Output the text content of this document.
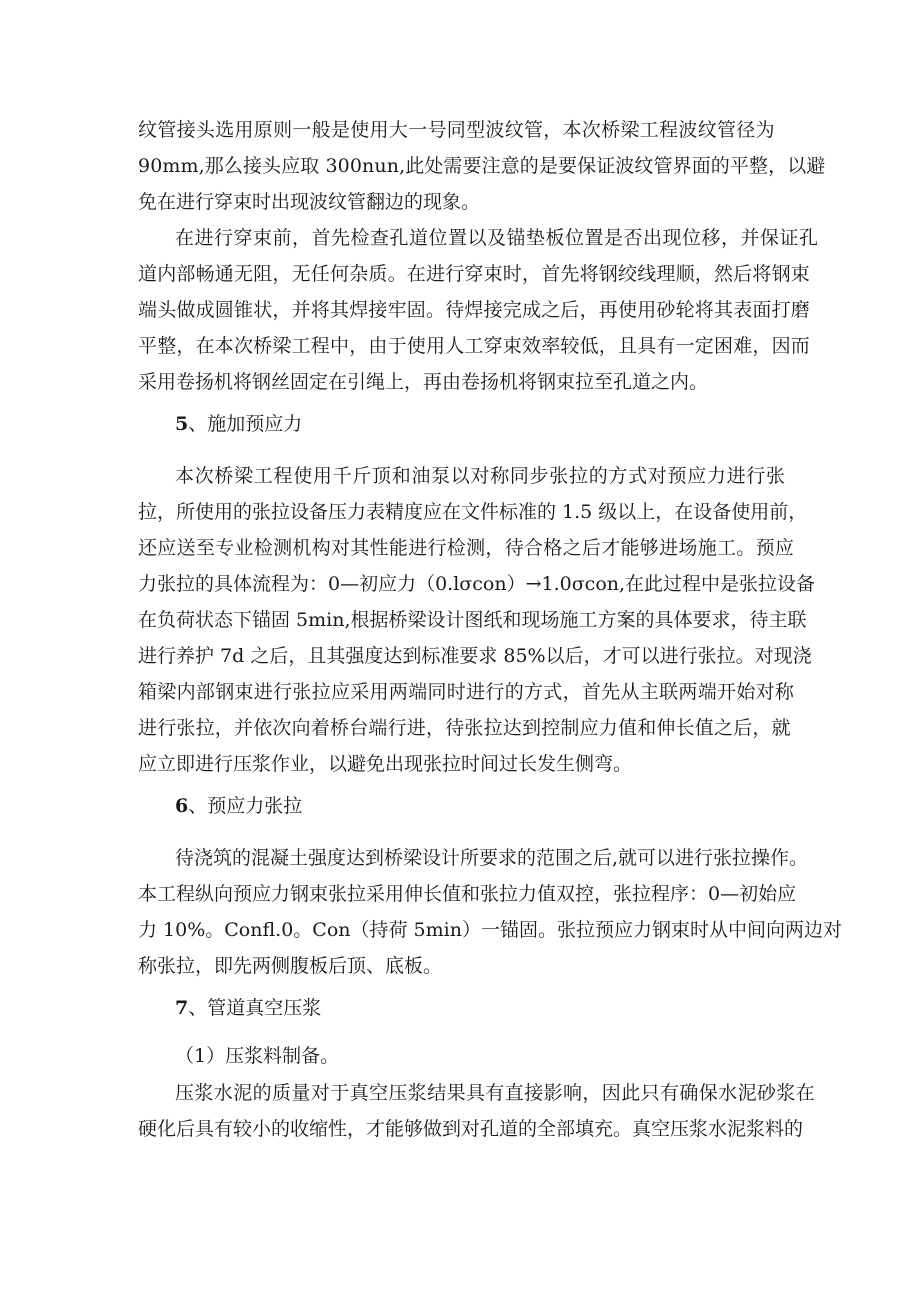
纹管接头选用原则一般是使用大一号同型波纹管，本次桥梁工程波纹管径为
90mm,那么接头应取 300nun,此处需要注意的是要保证波纹管界面的平整，以避
免在进行穿束时出现波纹管翻边的现象。
在进行穿束前，首先检查孔道位置以及锚垫板位置是否出现位移，并保证孔
道内部畅通无阻，无任何杂质。在进行穿束时，首先将钢绞线理顺，然后将钢束
端头做成圆锥状，并将其焊接牢固。待焊接完成之后，再使用砂轮将其表面打磨
平整，在本次桥梁工程中，由于使用人工穿束效率较低，且具有一定困难，因而
采用卷扬机将钢丝固定在引绳上，再由卷扬机将钢束拉至孔道之内。
5、施加预应力
本次桥梁工程使用千斤顶和油泵以对称同步张拉的方式对预应力进行张
拉，所使用的张拉设备压力表精度应在文件标准的 1.5 级以上，在设备使用前，
还应送至专业检测机构对其性能进行检测，待合格之后才能够进场施工。预应
力张拉的具体流程为：0—初应力（0.lσcon）→1.0σcon,在此过程中是张拉设备
在负荷状态下锚固 5min,根据桥梁设计图纸和现场施工方案的具体要求，待主联
进行养护 7d 之后，且其强度达到标准要求 85%以后，才可以进行张拉。对现浇
箱梁内部钢束进行张拉应采用两端同时进行的方式，首先从主联两端开始对称
进行张拉，并依次向着桥台端行进，待张拉达到控制应力值和伸长值之后，就
应立即进行压浆作业，以避免出现张拉时间过长发生侧弯。
6、预应力张拉
待浇筑的混凝土强度达到桥梁设计所要求的范围之后,就可以进行张拉操作。
本工程纵向预应力钢束张拉采用伸长值和张拉力值双控，张拉程序：0—初始应
力 10%。Confl.0。Con（持荷 5min）一锚固。张拉预应力钢束时从中间向两边对
称张拉，即先两侧腹板后顶、底板。
7、管道真空压浆
（1）压浆料制备。
压浆水泥的质量对于真空压浆结果具有直接影响，因此只有确保水泥砂浆在
硬化后具有较小的收缩性，才能够做到对孔道的全部填充。真空压浆水泥浆料的
